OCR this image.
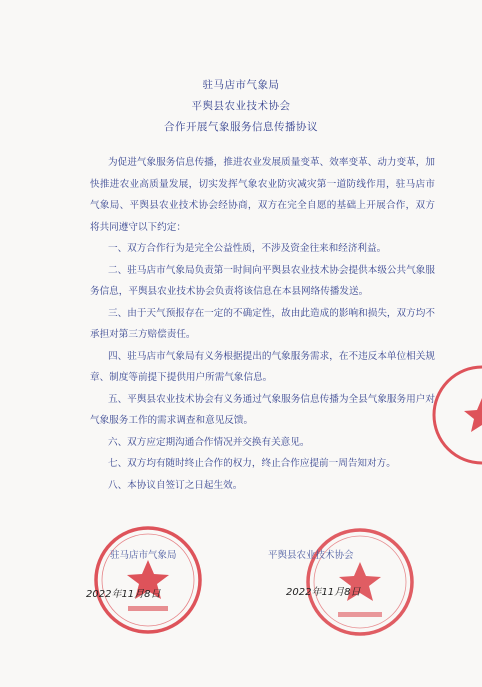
驻马店市气象局
平舆县农业技术协会
合作开展气象服务信息传播协议

为促进气象服务信息传播，推进农业发展质量变革、效率变革、动力变革，加快推进农业高质量发展，切实发挥气象农业防灾减灾第一道防线作用，驻马店市气象局、平舆县农业技术协会经协商，双方在完全自愿的基础上开展合作，双方将共同遵守以下约定：

一、双方合作行为是完全公益性质，不涉及资金往来和经济利益。

二、驻马店市气象局负责第一时间向平舆县农业技术协会提供本级公共气象服务信息，平舆县农业技术协会负责将该信息在本县网络传播发送。

三、由于天气预报存在一定的不确定性，故由此造成的影响和损失，双方均不承担对第三方赔偿责任。

四、驻马店市气象局有义务根据提出的气象服务需求，在不违反本单位相关规章、制度等前提下提供用户所需气象信息。

五、平舆县农业技术协会有义务通过气象服务信息传播为全县气象服务用户对气象服务工作的需求调查和意见反馈。

六、双方应定期沟通合作情况并交换有关意见。

七、双方均有随时终止合作的权力，终止合作应提前一周告知对方。

八、本协议自签订之日起生效。

驻马店市气象局	平舆县农业技术协会
2022年11月8日	2022年11月8日
